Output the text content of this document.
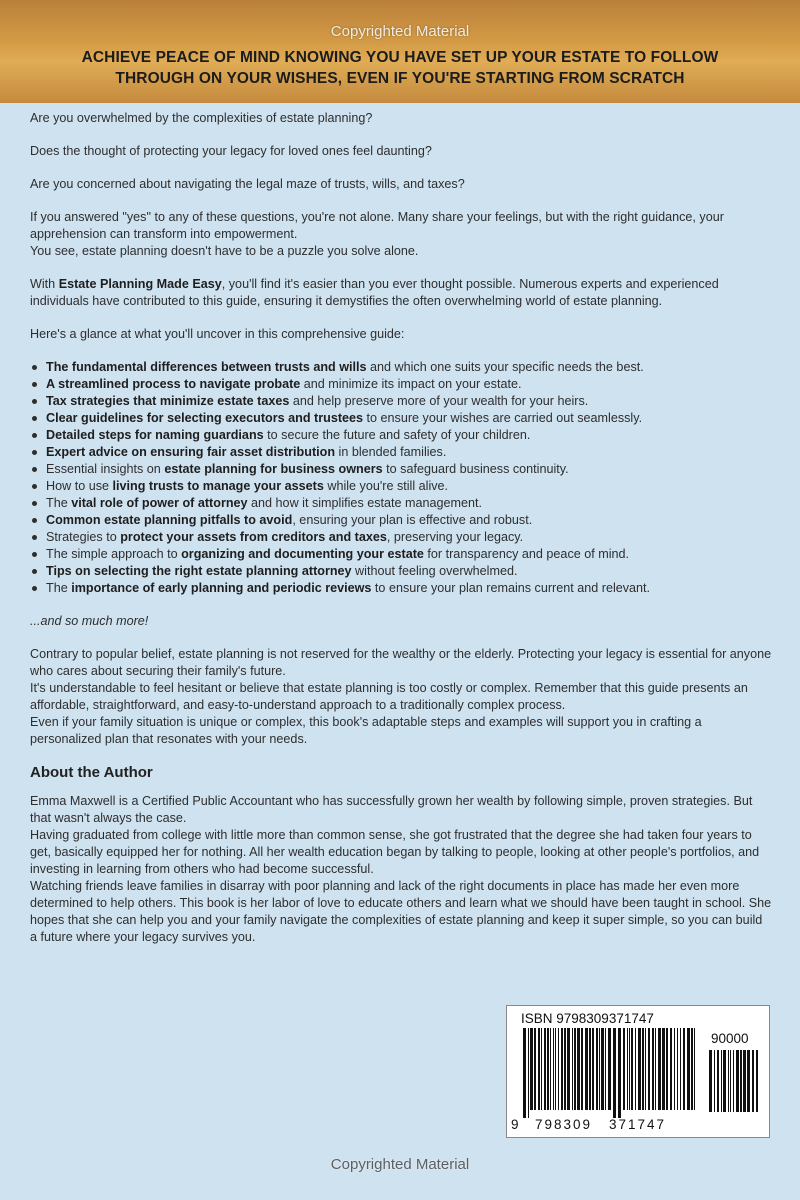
ACHIEVE PEACE OF MIND KNOWING YOU HAVE SET UP YOUR ESTATE TO FOLLOW
THROUGH ON YOUR WISHES, EVEN IF YOU'RE STARTING FROM SCRATCH
Copyrighted Material

Are you overwhelmed by the complexities of estate planning?

Does the thought of protecting your legacy for loved ones feel daunting?

Are you concerned about navigating the legal maze of trusts, wills, and taxes?

If you answered "yes" to any of these questions, you're not alone. Many share your feelings, but with the right guidance, your apprehension can transform into empowerment.

You see, estate planning doesn't have to be a puzzle you solve alone.

With Estate Planning Made Easy, you'll find it's easier than you ever thought possible. Numerous experts and experienced individuals have contributed to this guide, ensuring it demystifies the often overwhelming world of estate planning.

Here's a glance at what you'll uncover in this comprehensive guide:

The fundamental differences between trusts and wills and which one suits your specific needs the best.
A streamlined process to navigate probate and minimize its impact on your estate.
Tax strategies that minimize estate taxes and help preserve more of your wealth for your heirs.
Clear guidelines for selecting executors and trustees to ensure your wishes are carried out seamlessly.
Detailed steps for naming guardians to secure the future and safety of your children.
Expert advice on ensuring fair asset distribution in blended families.
Essential insights on estate planning for business owners to safeguard business continuity.
How to use living trusts to manage your assets while you're still alive.
The vital role of power of attorney and how it simplifies estate management.
Common estate planning pitfalls to avoid, ensuring your plan is effective and robust.
Strategies to protect your assets from creditors and taxes, preserving your legacy.
The simple approach to organizing and documenting your estate for transparency and peace of mind.
Tips on selecting the right estate planning attorney without feeling overwhelmed.
The importance of early planning and periodic reviews to ensure your plan remains current and relevant.

...and so much more!

Contrary to popular belief, estate planning is not reserved for the wealthy or the elderly. Protecting your legacy is essential for anyone who cares about securing their family's future.

It's understandable to feel hesitant or believe that estate planning is too costly or complex. Remember that this guide presents an affordable, straightforward, and easy-to-understand approach to a traditionally complex process.

Even if your family situation is unique or complex, this book's adaptable steps and examples will support you in crafting a personalized plan that resonates with your needs.

About the Author

Emma Maxwell is a Certified Public Accountant who has successfully grown her wealth by following simple, proven strategies. But that wasn't always the case.

Having graduated from college with little more than common sense, she got frustrated that the degree she had taken four years to get, basically equipped her for nothing. All her wealth education began by talking to people, looking at other people's portfolios, and investing in learning from others who had become successful.

Watching friends leave families in disarray with poor planning and lack of the right documents in place has made her even more determined to help others. This book is her labor of love to educate others and learn what we should have been taught in school. She hopes that she can help you and your family navigate the complexities of estate planning and keep it super simple, so you can build a future where your legacy survives you.

ISBN 9798309371747
90000
9 798309 371747
Copyrighted Material
